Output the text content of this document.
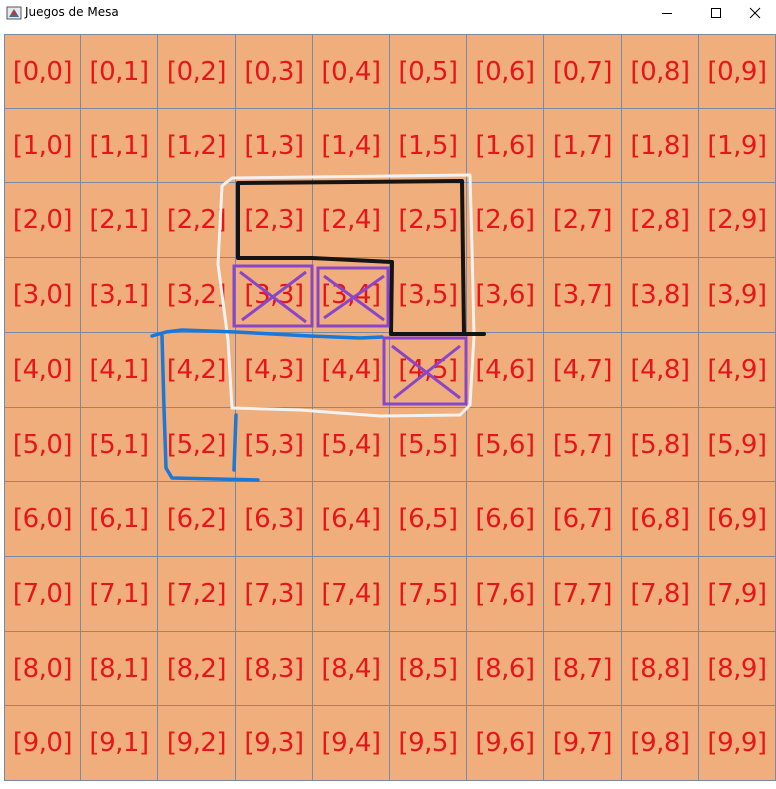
Juegos de Mesa
[0,0] [0,1] [0,2] [0,3] [0,4] [0,5] [0,6] [0,7] [0,8] [0,9]
[1,0] [1,1] [1,2] [1,3] [1,4] [1,5] [1,6] [1,7] [1,8] [1,9]
[2,0] [2,1] [2,2] [2,3] [2,4] [2,5] [2,6] [2,7] [2,8] [2,9]
[3,0] [3,1] [3,2] [3,3] [3,4] [3,5] [3,6] [3,7] [3,8] [3,9]
[4,0] [4,1] [4,2] [4,3] [4,4] [4,5] [4,6] [4,7] [4,8] [4,9]
[5,0] [5,1] [5,2] [5,3] [5,4] [5,5] [5,6] [5,7] [5,8] [5,9]
[6,0] [6,1] [6,2] [6,3] [6,4] [6,5] [6,6] [6,7] [6,8] [6,9]
[7,0] [7,1] [7,2] [7,3] [7,4] [7,5] [7,6] [7,7] [7,8] [7,9]
[8,0] [8,1] [8,2] [8,3] [8,4] [8,5] [8,6] [8,7] [8,8] [8,9]
[9,0] [9,1] [9,2] [9,3] [9,4] [9,5] [9,6] [9,7] [9,8] [9,9]
